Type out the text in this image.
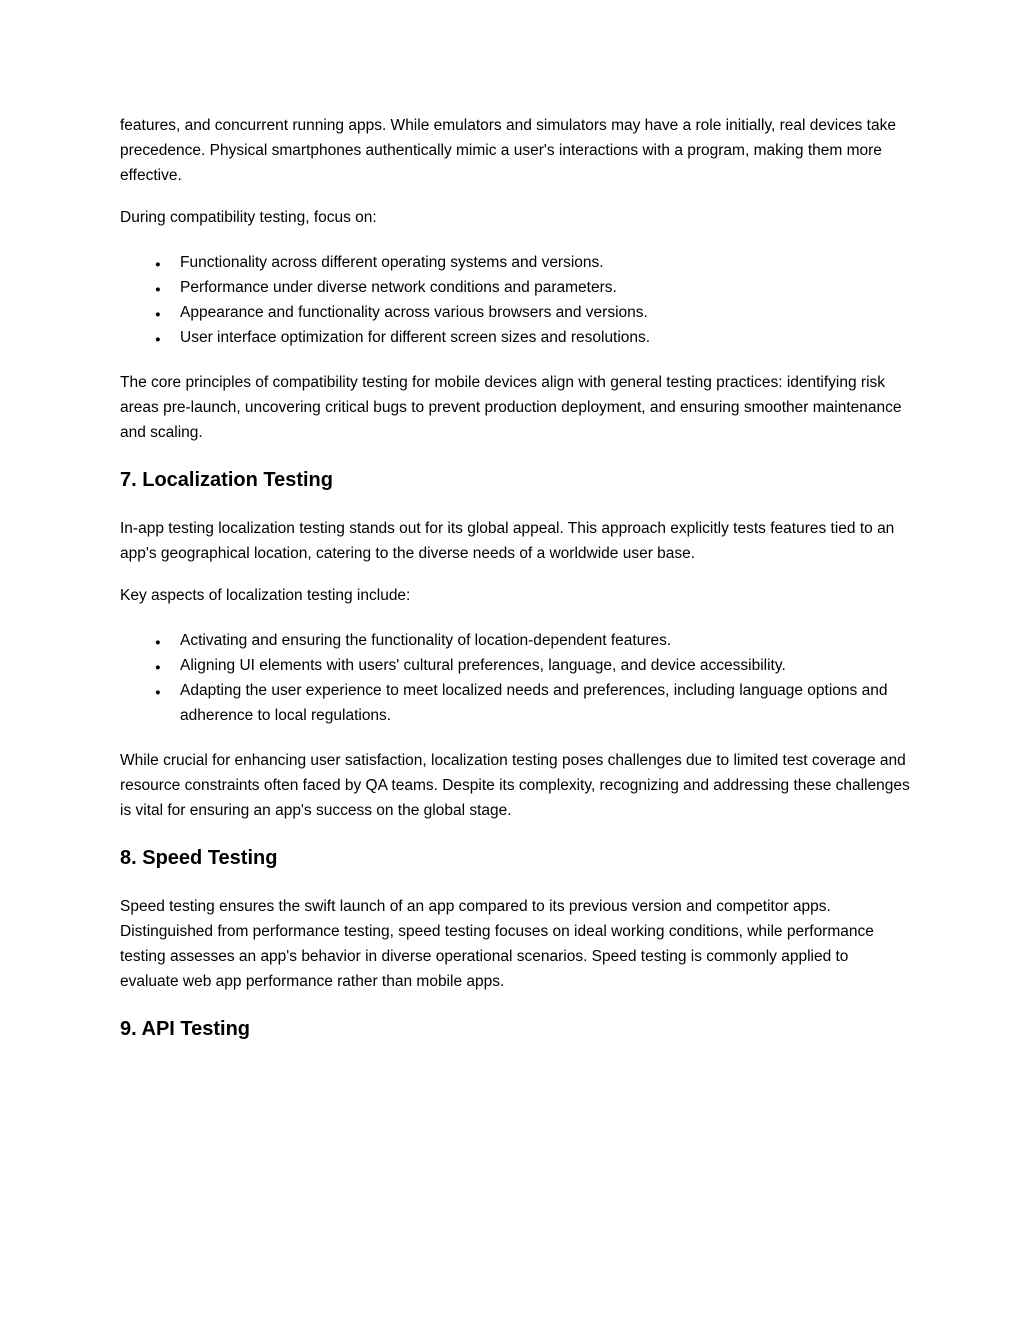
features, and concurrent running apps. While emulators and simulators may have a role initially, real devices take precedence. Physical smartphones authentically mimic a user's interactions with a program, making them more effective.

During compatibility testing, focus on:

● Functionality across different operating systems and versions.
● Performance under diverse network conditions and parameters.
● Appearance and functionality across various browsers and versions.
● User interface optimization for different screen sizes and resolutions.

The core principles of compatibility testing for mobile devices align with general testing practices: identifying risk areas pre-launch, uncovering critical bugs to prevent production deployment, and ensuring smoother maintenance and scaling.

7. Localization Testing

In-app testing localization testing stands out for its global appeal. This approach explicitly tests features tied to an app's geographical location, catering to the diverse needs of a worldwide user base.

Key aspects of localization testing include:

● Activating and ensuring the functionality of location-dependent features.
● Aligning UI elements with users' cultural preferences, language, and device accessibility.
● Adapting the user experience to meet localized needs and preferences, including language options and adherence to local regulations.

While crucial for enhancing user satisfaction, localization testing poses challenges due to limited test coverage and resource constraints often faced by QA teams. Despite its complexity, recognizing and addressing these challenges is vital for ensuring an app's success on the global stage.

8. Speed Testing

Speed testing ensures the swift launch of an app compared to its previous version and competitor apps. Distinguished from performance testing, speed testing focuses on ideal working conditions, while performance testing assesses an app's behavior in diverse operational scenarios. Speed testing is commonly applied to evaluate web app performance rather than mobile apps.

9. API Testing
